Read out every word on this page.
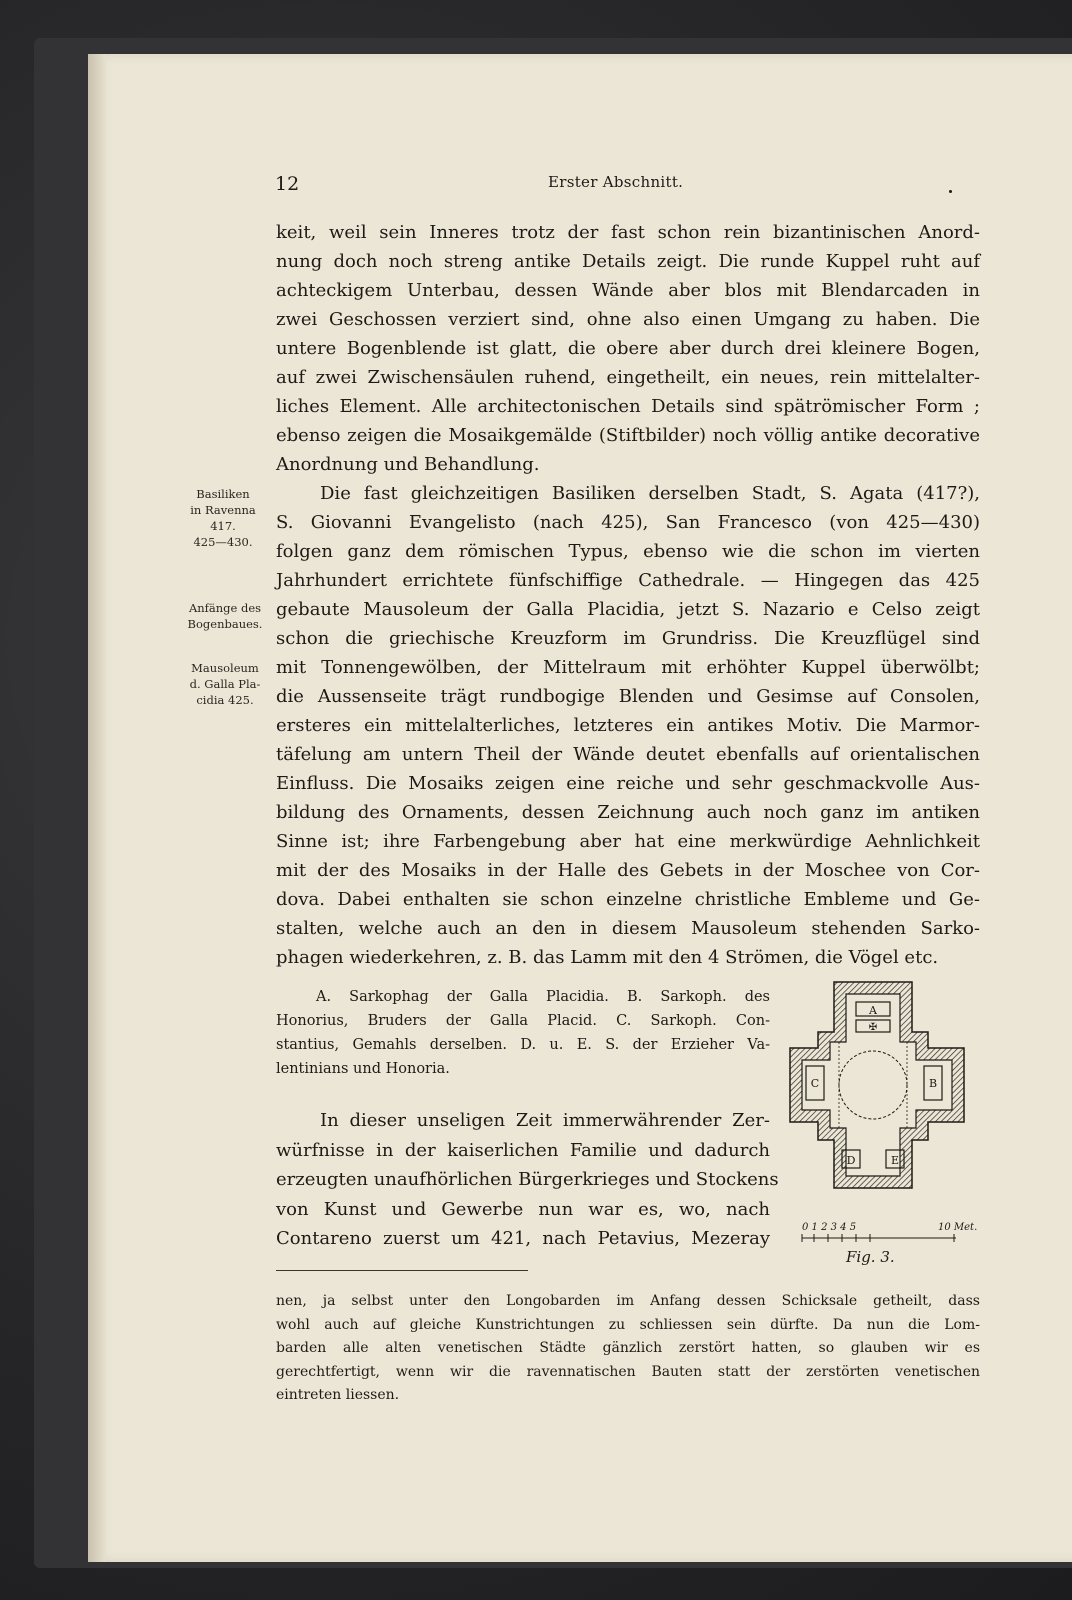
12	Erster Abschnitt.
keit, weil sein Inneres trotz der fast schon rein bizantinischen Anord-
nung doch noch streng antike Details zeigt. Die runde Kuppel ruht auf
achteckigem Unterbau, dessen Wände aber blos mit Blendarcaden in
zwei Geschossen verziert sind, ohne also einen Umgang zu haben. Die
untere Bogenblende ist glatt, die obere aber durch drei kleinere Bogen,
auf zwei Zwischensäulen ruhend, eingetheilt, ein neues, rein mittelalter-
liches Element. Alle architectonischen Details sind spätrömischer Form ;
ebenso zeigen die Mosaikgemälde (Stiftbilder) noch völlig antike decorative
Anordnung und Behandlung.
Die fast gleichzeitigen Basiliken derselben Stadt, S. Agata (417?),
S. Giovanni Evangelisto (nach 425), San Francesco (von 425—430)
folgen ganz dem römischen Typus, ebenso wie die schon im vierten
Jahrhundert errichtete fünfschiffige Cathedrale. — Hingegen das 425
gebaute Mausoleum der Galla Placidia, jetzt S. Nazario e Celso zeigt
schon die griechische Kreuzform im Grundriss. Die Kreuzflügel sind
mit Tonnengewölben, der Mittelraum mit erhöhter Kuppel überwölbt;
die Aussenseite trägt rundbogige Blenden und Gesimse auf Consolen,
ersteres ein mittelalterliches, letzteres ein antikes Motiv. Die Marmor-
täfelung am untern Theil der Wände deutet ebenfalls auf orientalischen
Einfluss. Die Mosaiks zeigen eine reiche und sehr geschmackvolle Aus-
bildung des Ornaments, dessen Zeichnung auch noch ganz im antiken
Sinne ist; ihre Farbengebung aber hat eine merkwürdige Aehnlichkeit
mit der des Mosaiks in der Halle des Gebets in der Moschee von Cor-
dova. Dabei enthalten sie schon einzelne christliche Embleme und Ge-
stalten, welche auch an den in diesem Mausoleum stehenden Sarko-
phagen wiederkehren, z. B. das Lamm mit den 4 Strömen, die Vögel etc.
Basiliken
in Ravenna
417.
425—430.
Anfänge des
Bogenbaues.
Mausoleum
d. Galla Pla-
cidia 425.
A. Sarkophag der Galla Placidia. B. Sarkoph. des
Honorius, Bruders der Galla Placid. C. Sarkoph. Con-
stantius, Gemahls derselben. D. u. E. S. der Erzieher Va-
lentinians und Honoria.
In dieser unseligen Zeit immerwährender Zer-
würfnisse in der kaiserlichen Familie und dadurch
erzeugten unaufhörlichen Bürgerkrieges und Stockens
von Kunst und Gewerbe nun war es, wo, nach
Contareno zuerst um 421, nach Petavius, Mezeray
A
✠
B
C
D	E
0 1 2 3 4 5	10 Met.
Fig. 3.
nen, ja selbst unter den Longobarden im Anfang dessen Schicksale getheilt, dass
wohl auch auf gleiche Kunstrichtungen zu schliessen sein dürfte. Da nun die Lom-
barden alle alten venetischen Städte gänzlich zerstört hatten, so glauben wir es
gerechtfertigt, wenn wir die ravennatischen Bauten statt der zerstörten venetischen
eintreten liessen.
